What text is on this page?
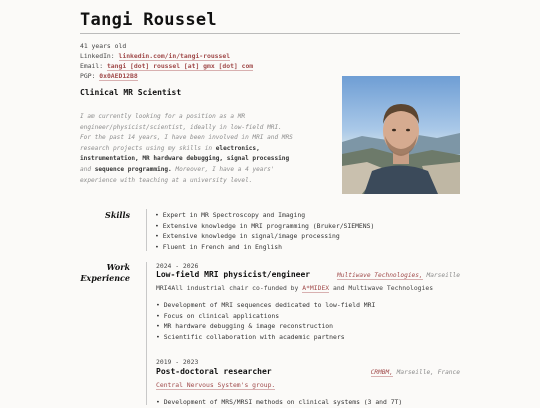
Tangi Roussel
41 years old
LinkedIn: linkedin.com/in/tangi-roussel
Email: tangi [dot] roussel [at] gmx [dot] com
PGP: 0x0AED12B8
Clinical MR Scientist
I am currently looking for a position as a MR engineer/physicist/scientist, ideally in low-field MRI. For the past 14 years, I have been involved in MRI and MRS research projects using my skills in electronics, instrumentation, MR hardware debugging, signal processing and sequence programming. Moreover, I have a 4 years' experience with teaching at a university level.
Skills
•	Expert in MR Spectroscopy and Imaging
• Extensive knowledge in MRI programming (Bruker/SIEMENS)
• Extensive knowledge in signal/image processing
• Fluent in French and in English
Work
Experience
2024 - 2026
Low-field MRI physicist/engineer	Multiwave Technologies, Marseille
MRI4All industrial chair co-funded by A*MIDEX and Multiwave Technologies
• Development of MRI sequences dedicated to low-field MRI
• Focus on clinical applications
• MR hardware debugging & image reconstruction
• Scientific collaboration with academic partners
2019 - 2023
Post-doctoral researcher	CRMBM, Marseille, France
Central Nervous System's group.
• Development of MRS/MRSI methods on clinical systems (3 and 7T)
